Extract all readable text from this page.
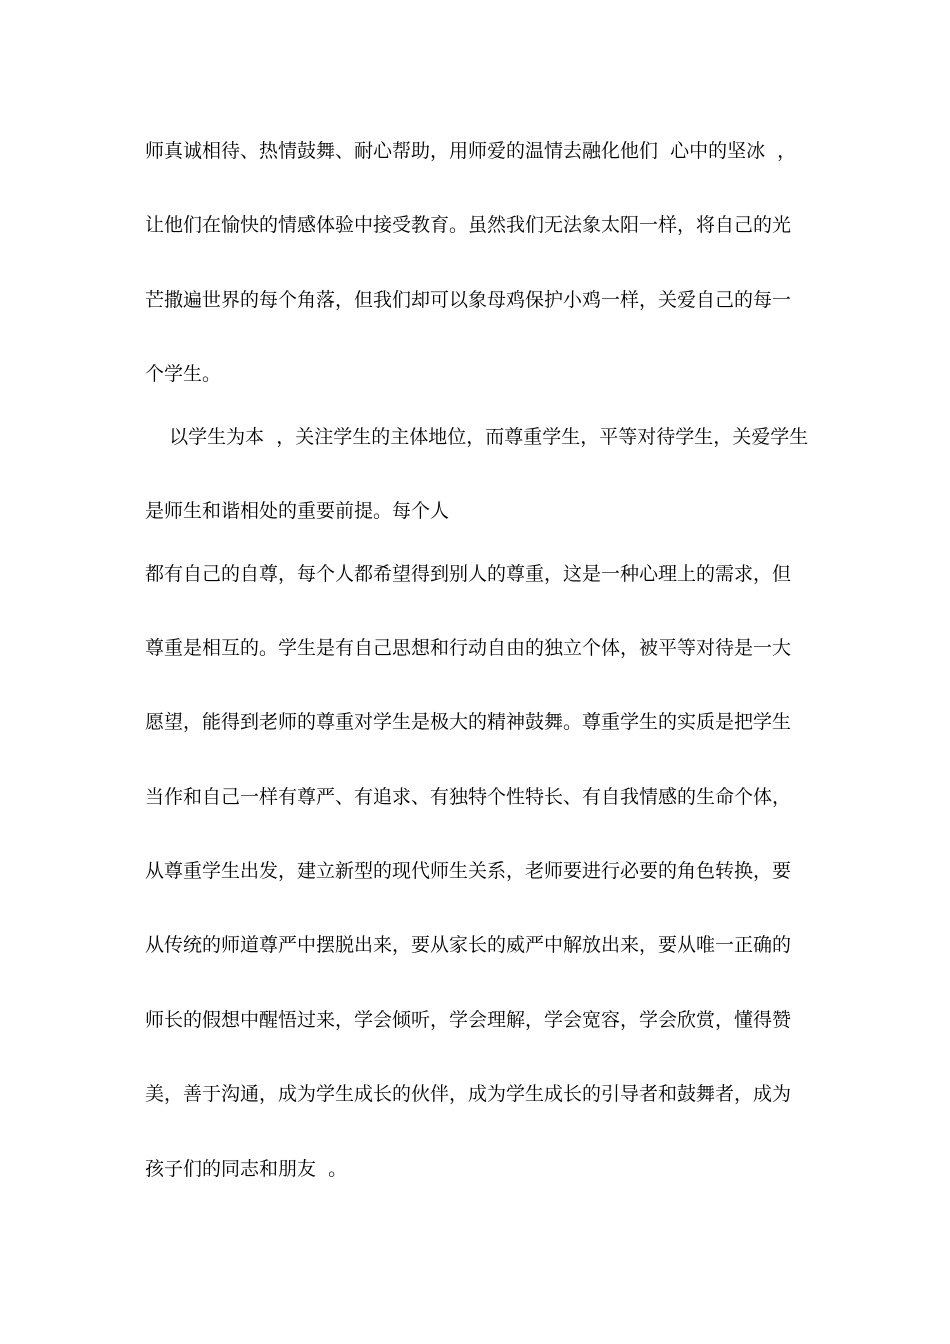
师真诚相待、热情鼓舞、耐心帮助，用师爱的温情去融化他们  心中的坚冰  ，
让他们在愉快的情感体验中接受教育。虽然我们无法象太阳一样，将自己的光
芒撒遍世界的每个角落，但我们却可以象母鸡保护小鸡一样，关爱自己的每一
个学生。
以学生为本  ，关注学生的主体地位，而尊重学生，平等对待学生，关爱学生
是师生和谐相处的重要前提。每个人
都有自己的自尊，每个人都希望得到别人的尊重，这是一种心理上的需求，但
尊重是相互的。学生是有自己思想和行动自由的独立个体，被平等对待是一大
愿望，能得到老师的尊重对学生是极大的精神鼓舞。尊重学生的实质是把学生
当作和自己一样有尊严、有追求、有独特个性特长、有自我情感的生命个体，
从尊重学生出发，建立新型的现代师生关系，老师要进行必要的角色转换，要
从传统的师道尊严中摆脱出来，要从家长的威严中解放出来，要从唯一正确的
师长的假想中醒悟过来，学会倾听，学会理解，学会宽容，学会欣赏，懂得赞
美，善于沟通，成为学生成长的伙伴，成为学生成长的引导者和鼓舞者，成为
孩子们的同志和朋友  。
